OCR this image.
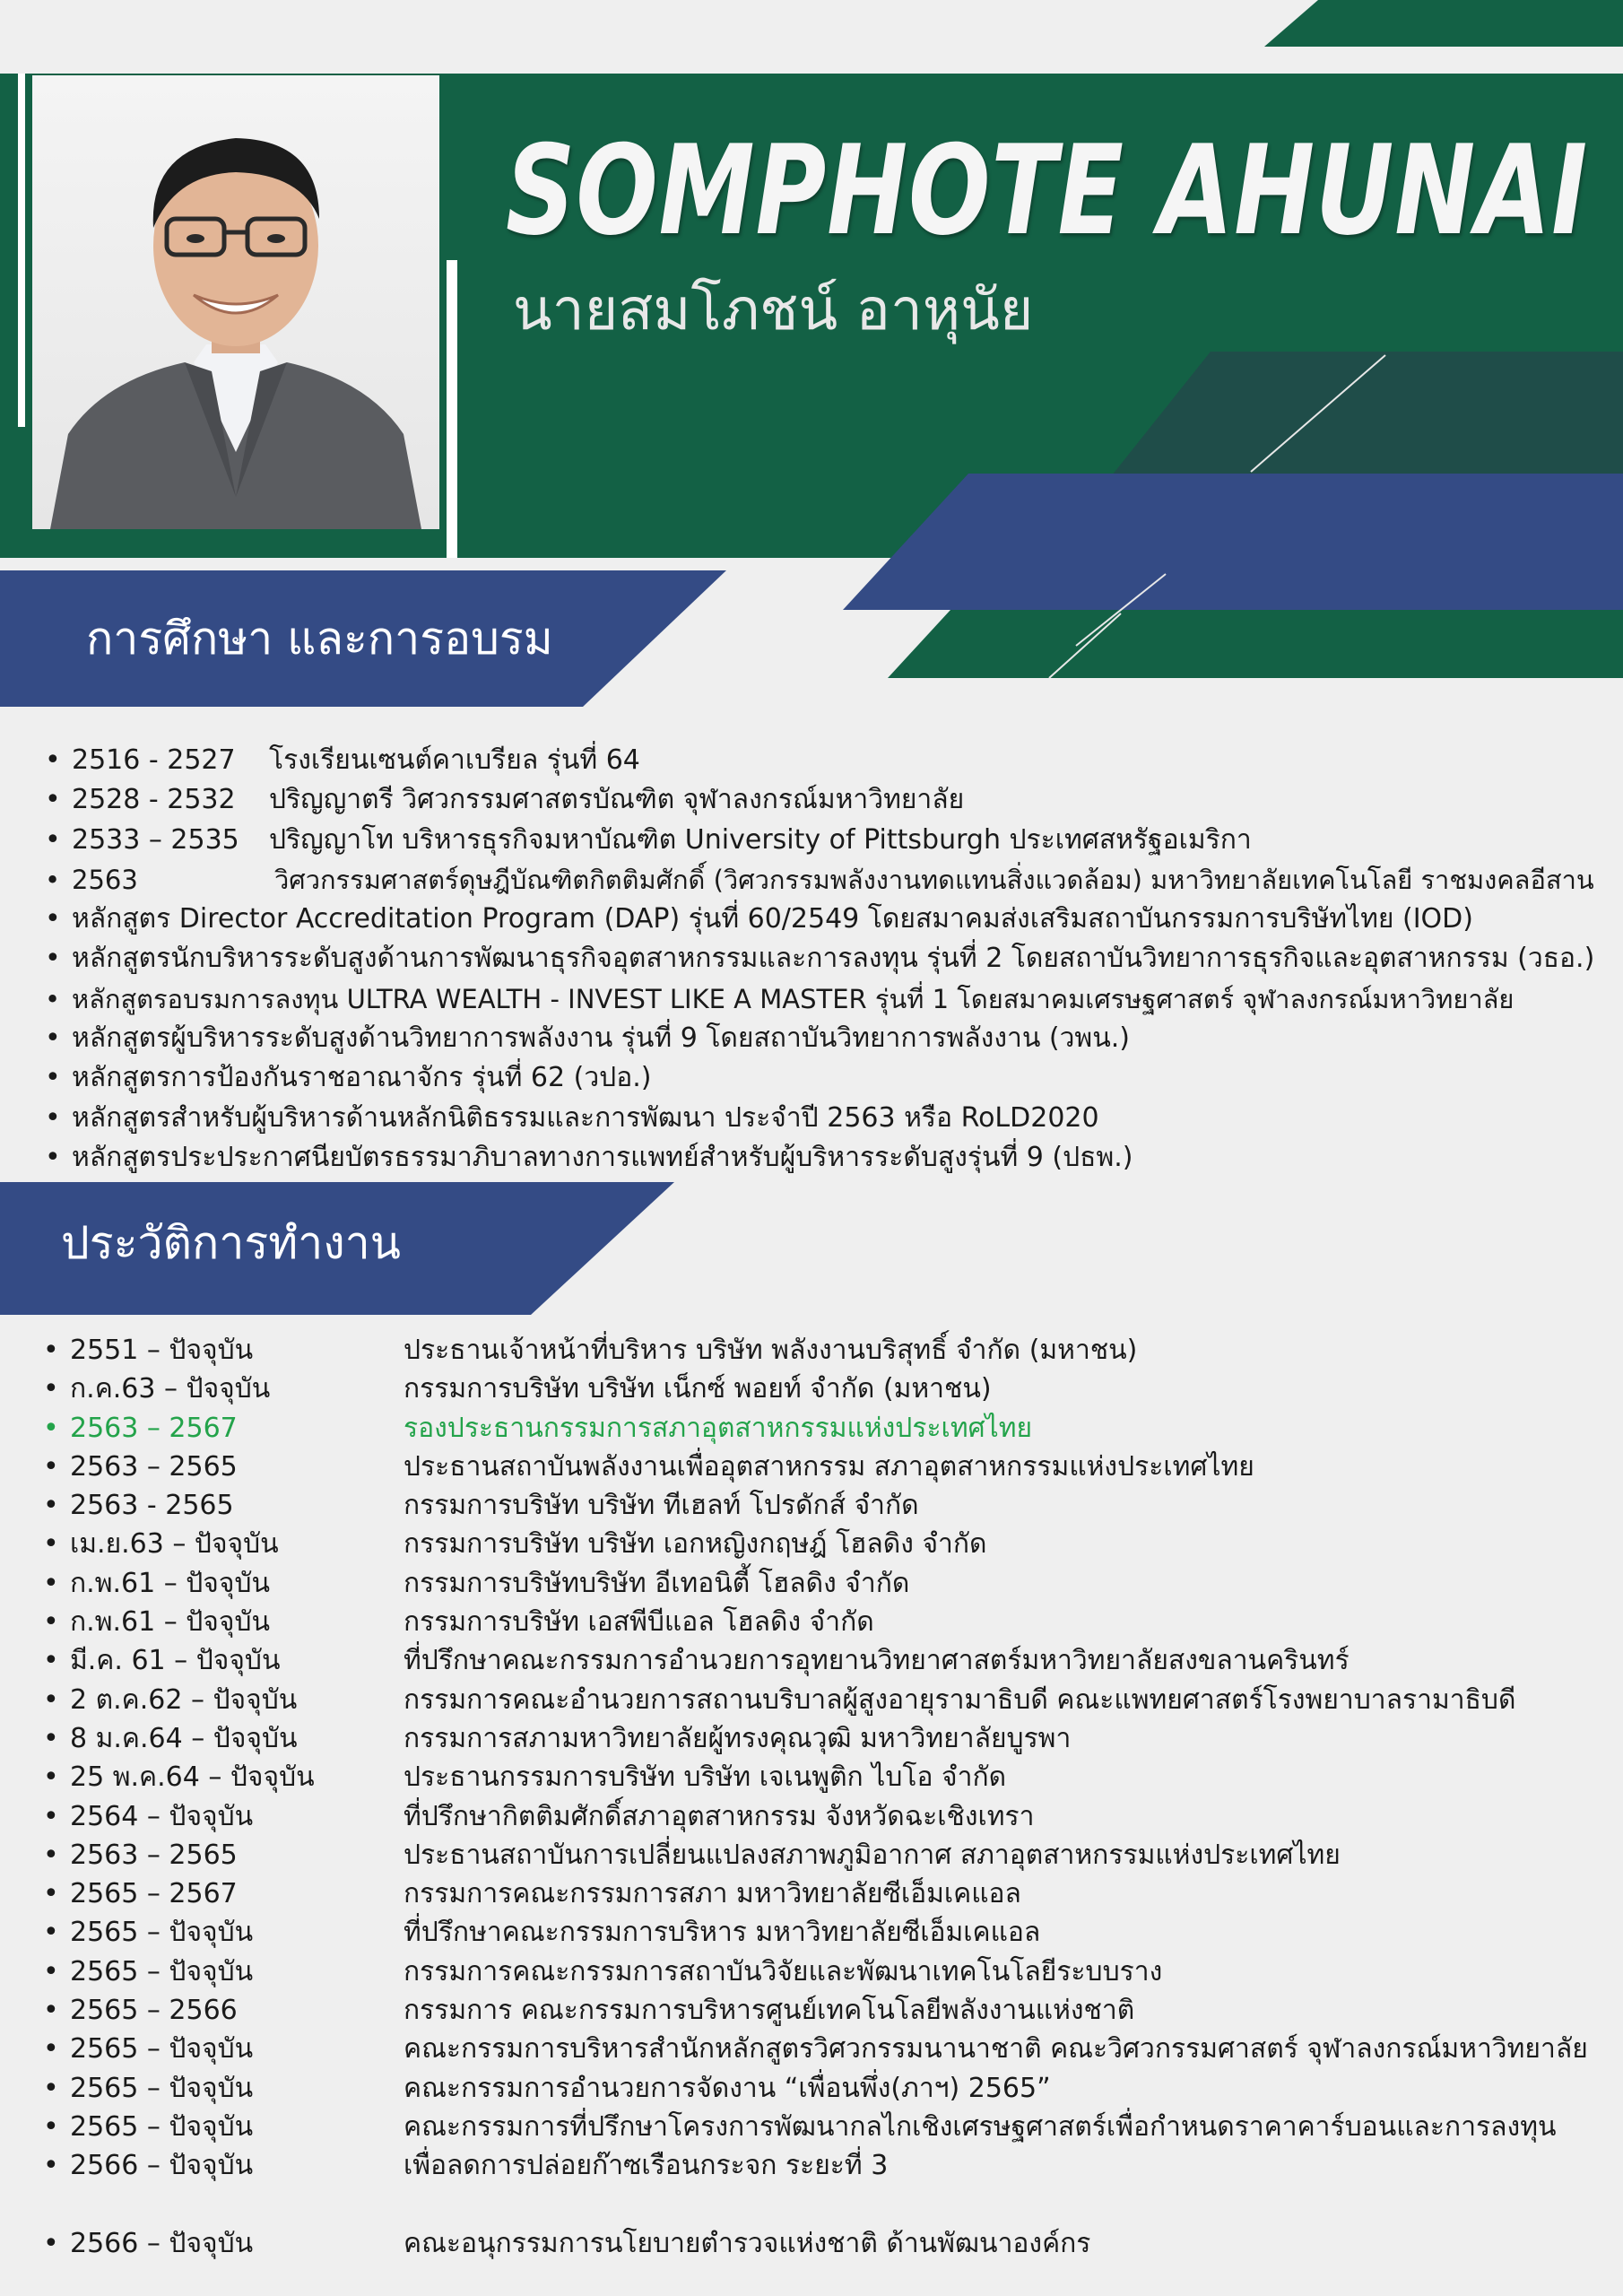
SOMPHOTE AHUNAI
นายสมโภชน์ อาหุนัย
การศึกษา และการอบรม
ประวัติการทำงาน
• 2516 - 2527 โรงเรียนเซนต์คาเบรียล รุ่นที่ 64
• 2528 - 2532 ปริญญาตรี วิศวกรรมศาสตรบัณฑิต จุฬาลงกรณ์มหาวิทยาลัย
• 2533 – 2535 ปริญญาโท บริหารธุรกิจมหาบัณฑิต University of Pittsburgh ประเทศสหรัฐอเมริกา
• 2563	วิศวกรรมศาสตร์ดุษฎีบัณฑิตกิตติมศักดิ์ (วิศวกรรมพลังงานทดแทนสิ่งแวดล้อม) มหาวิทยาลัยเทคโนโลยี ราชมงคลอีสาน
• หลักสูตร Director Accreditation Program (DAP) รุ่นที่ 60/2549 โดยสมาคมส่งเสริมสถาบันกรรมการบริษัทไทย (IOD)
• หลักสูตรนักบริหารระดับสูงด้านการพัฒนาธุรกิจอุตสาหกรรมและการลงทุน รุ่นที่ 2 โดยสถาบันวิทยาการธุรกิจและอุตสาหกรรม (วธอ.)
• หลักสูตรอบรมการลงทุน ULTRA WEALTH - INVEST LIKE A MASTER รุ่นที่ 1 โดยสมาคมเศรษฐศาสตร์ จุฬาลงกรณ์มหาวิทยาลัย
• หลักสูตรผู้บริหารระดับสูงด้านวิทยาการพลังงาน รุ่นที่ 9 โดยสถาบันวิทยาการพลังงาน (วพน.)
• หลักสูตรการป้องกันราชอาณาจักร รุ่นที่ 62 (วปอ.)
• หลักสูตรสำหรับผู้บริหารด้านหลักนิติธรรมและการพัฒนา ประจำปี 2563 หรือ RoLD2020
• หลักสูตรประประกาศนียบัตรธรรมาภิบาลทางการแพทย์สำหรับผู้บริหารระดับสูงรุ่นที่ 9 (ปธพ.)
• 2551 – ปัจจุบัน	ประธานเจ้าหน้าที่บริหาร บริษัท พลังงานบริสุทธิ์ จำกัด (มหาชน)
• ก.ค.63 – ปัจจุบัน	กรรมการบริษัท บริษัท เน็กซ์ พอยท์ จำกัด (มหาชน)
• 2563 – 2567	รองประธานกรรมการสภาอุตสาหกรรมแห่งประเทศไทย
• 2563 – 2565	ประธานสถาบันพลังงานเพื่ออุตสาหกรรม สภาอุตสาหกรรมแห่งประเทศไทย
• 2563 - 2565	กรรมการบริษัท บริษัท ทีเฮลท์ โปรดักส์ จำกัด
• เม.ย.63 – ปัจจุบัน	กรรมการบริษัท บริษัท เอกหญิงกฤษฎ์ โฮลดิง จำกัด
• ก.พ.61 – ปัจจุบัน	กรรมการบริษัทบริษัท อีเทอนิตี้ โฮลดิง จำกัด
• ก.พ.61 – ปัจจุบัน	กรรมการบริษัท เอสพีบีแอล โฮลดิง จำกัด
• มี.ค. 61 – ปัจจุบัน	ที่ปรึกษาคณะกรรมการอำนวยการอุทยานวิทยาศาสตร์มหาวิทยาลัยสงขลานครินทร์
• 2 ต.ค.62 – ปัจจุบัน	กรรมการคณะอำนวยการสถานบริบาลผู้สูงอายุรามาธิบดี คณะแพทยศาสตร์โรงพยาบาลรามาธิบดี
• 8 ม.ค.64 – ปัจจุบัน	กรรมการสภามหาวิทยาลัยผู้ทรงคุณวุฒิ มหาวิทยาลัยบูรพา
• 25 พ.ค.64 – ปัจจุบัน	ประธานกรรมการบริษัท บริษัท เจเนพูติก ไบโอ จำกัด
• 2564 – ปัจจุบัน	ที่ปรึกษากิตติมศักดิ์สภาอุตสาหกรรม จังหวัดฉะเชิงเทรา
• 2563 – 2565	ประธานสถาบันการเปลี่ยนแปลงสภาพภูมิอากาศ สภาอุตสาหกรรมแห่งประเทศไทย
• 2565 – 2567	กรรมการคณะกรรมการสภา มหาวิทยาลัยซีเอ็มเคแอล
• 2565 – ปัจจุบัน	ที่ปรึกษาคณะกรรมการบริหาร มหาวิทยาลัยซีเอ็มเคแอล
• 2565 – ปัจจุบัน	กรรมการคณะกรรมการสถาบันวิจัยและพัฒนาเทคโนโลยีระบบราง
• 2565 – 2566	กรรมการ คณะกรรมการบริหารศูนย์เทคโนโลยีพลังงานแห่งชาติ
• 2565 – ปัจจุบัน	คณะกรรมการบริหารสำนักหลักสูตรวิศวกรรมนานาชาติ คณะวิศวกรรมศาสตร์ จุฬาลงกรณ์มหาวิทยาลัย
• 2565 – ปัจจุบัน	คณะกรรมการอำนวยการจัดงาน “เพื่อนพึ่ง(ภาฯ) 2565”
• 2565 – ปัจจุบัน	คณะกรรมการที่ปรึกษาโครงการพัฒนากลไกเชิงเศรษฐศาสตร์เพื่อกำหนดราคาคาร์บอนและการลงทุน
• 2566 – ปัจจุบัน	เพื่อลดการปล่อยก๊าซเรือนกระจก ระยะที่ 3
• 2566 – ปัจจุบัน	คณะอนุกรรมการนโยบายตำรวจแห่งชาติ ด้านพัฒนาองค์กร
